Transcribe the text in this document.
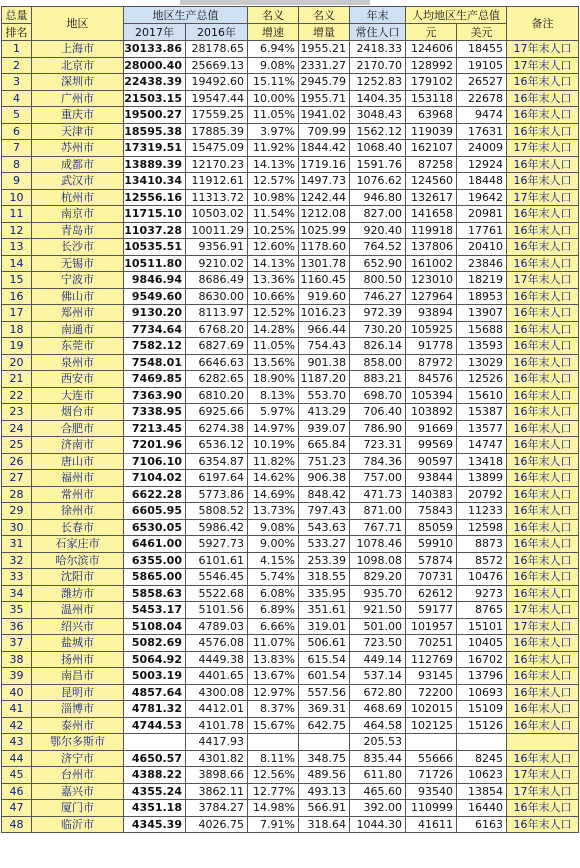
总量	地区	地区生产总值		名义	名义	年末	人均地区生产总值		备注
排名		2017年	2016年	增速	增量	常住人口	元	美元	
1	上海市	30133.86	28178.65	6.94%	1955.21	2418.33	124606	18455	17年末人口
2	北京市	28000.40	25669.13	9.08%	2331.27	2170.70	128992	19105	17年末人口
3	深圳市	22438.39	19492.60	15.11%	2945.79	1252.83	179102	26527	16年末人口
4	广州市	21503.15	19547.44	10.00%	1955.71	1404.35	153118	22678	16年末人口
5	重庆市	19500.27	17559.25	11.05%	1941.02	3048.43	63968	9474	16年末人口
6	天津市	18595.38	17885.39	3.97%	709.99	1562.12	119039	17631	16年末人口
7	苏州市	17319.51	15475.09	11.92%	1844.42	1068.40	162107	24009	17年末人口
8	成都市	13889.39	12170.23	14.13%	1719.16	1591.76	87258	12924	16年末人口
9	武汉市	13410.34	11912.61	12.57%	1497.73	1076.62	124560	18448	16年末人口
10	杭州市	12556.16	11313.72	10.98%	1242.44	946.80	132617	19642	17年末人口
11	南京市	11715.10	10503.02	11.54%	1212.08	827.00	141658	20981	16年末人口
12	青岛市	11037.28	10011.29	10.25%	1025.99	920.40	119918	17761	16年末人口
13	长沙市	10535.51	9356.91	12.60%	1178.60	764.52	137806	20410	16年末人口
14	无锡市	10511.80	9210.02	14.13%	1301.78	652.90	161002	23846	16年末人口
15	宁波市	9846.94	8686.49	13.36%	1160.45	800.50	123010	18219	17年末人口
16	佛山市	9549.60	8630.00	10.66%	919.60	746.27	127964	18953	16年末人口
17	郑州市	9130.20	8113.97	12.52%	1016.23	972.39	93894	13907	16年末人口
18	南通市	7734.64	6768.20	14.28%	966.44	730.20	105925	15688	16年末人口
19	东莞市	7582.12	6827.69	11.05%	754.43	826.14	91778	13593	16年末人口
20	泉州市	7548.01	6646.63	13.56%	901.38	858.00	87972	13029	16年末人口
21	西安市	7469.85	6282.65	18.90%	1187.20	883.21	84576	12526	16年末人口
22	大连市	7363.90	6810.20	8.13%	553.70	698.70	105394	15610	16年末人口
23	烟台市	7338.95	6925.66	5.97%	413.29	706.40	103892	15387	16年末人口
24	合肥市	7213.45	6274.38	14.97%	939.07	786.90	91669	13577	16年末人口
25	济南市	7201.96	6536.12	10.19%	665.84	723.31	99569	14747	16年末人口
26	唐山市	7106.10	6354.87	11.82%	751.23	784.36	90597	13418	16年末人口
27	福州市	7104.02	6197.64	14.62%	906.38	757.00	93844	13899	16年末人口
28	常州市	6622.28	5773.86	14.69%	848.42	471.73	140383	20792	16年末人口
29	徐州市	6605.95	5808.52	13.73%	797.43	871.00	75843	11233	16年末人口
30	长春市	6530.05	5986.42	9.08%	543.63	767.71	85059	12598	16年末人口
31	石家庄市	6461.00	5927.73	9.00%	533.27	1078.46	59910	8873	16年末人口
32	哈尔滨市	6355.00	6101.61	4.15%	253.39	1098.08	57874	8572	16年末人口
33	沈阳市	5865.00	5546.45	5.74%	318.55	829.20	70731	10476	16年末人口
34	潍坊市	5858.63	5522.68	6.08%	335.95	935.70	62612	9273	16年末人口
35	温州市	5453.17	5101.56	6.89%	351.61	921.50	59177	8765	17年末人口
36	绍兴市	5108.04	4789.03	6.66%	319.01	501.00	101957	15101	17年末人口
37	盐城市	5082.69	4576.08	11.07%	506.61	723.50	70251	10405	16年末人口
38	扬州市	5064.92	4449.38	13.83%	615.54	449.14	112769	16702	16年末人口
39	南昌市	5003.19	4401.65	13.67%	601.54	537.14	93145	13796	16年末人口
40	昆明市	4857.64	4300.08	12.97%	557.56	672.80	72200	10693	16年末人口
41	淄博市	4781.32	4412.01	8.37%	369.31	468.69	102015	15109	16年末人口
42	泰州市	4744.53	4101.78	15.67%	642.75	464.58	102125	15126	16年末人口
43	鄂尔多斯市		4417.93			205.53			
44	济宁市	4650.57	4301.82	8.11%	348.75	835.44	55666	8245	16年末人口
45	台州市	4388.22	3898.66	12.56%	489.56	611.80	71726	10623	17年末人口
46	嘉兴市	4355.24	3862.11	12.77%	493.13	465.60	93540	13854	17年末人口
47	厦门市	4351.18	3784.27	14.98%	566.91	392.00	110999	16440	16年末人口
48	临沂市	4345.39	4026.75	7.91%	318.64	1044.30	41611	6163	16年末人口
